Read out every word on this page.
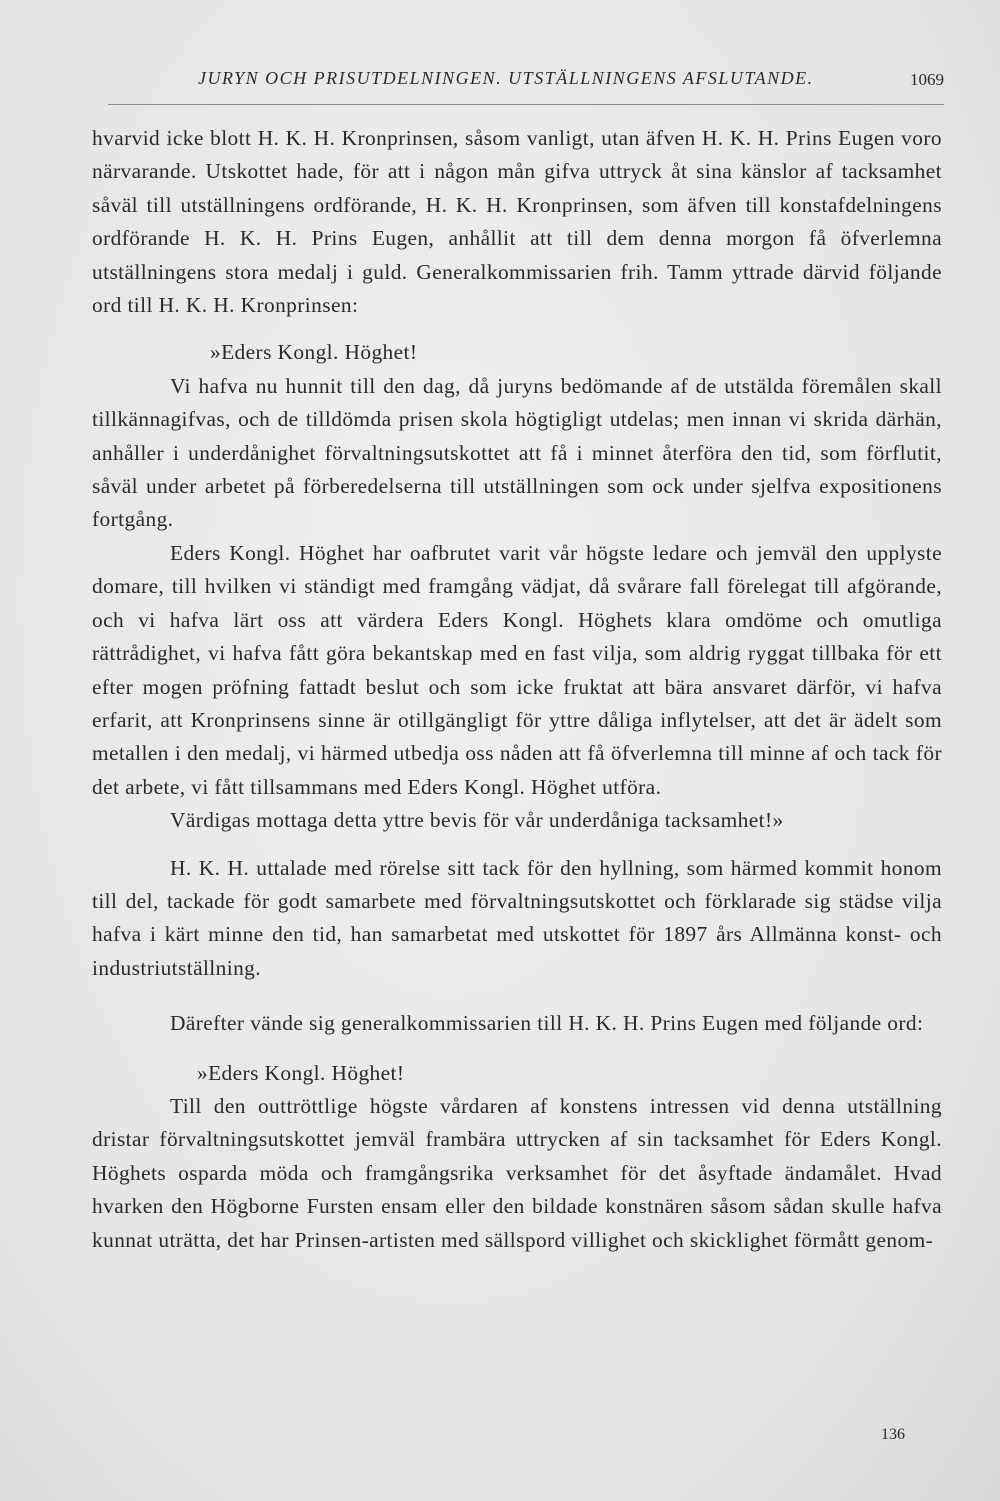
JURYN OCH PRISUTDELNINGEN. UTSTÄLLNINGENS AFSLUTANDE.	1069

hvarvid icke blott H. K. H. Kronprinsen, såsom vanligt, utan äfven H. K. H. Prins Eugen voro närvarande. Utskottet hade, för att i någon mån gifva uttryck åt sina känslor af tacksamhet såväl till utställningens ordförande, H. K. H. Kronprinsen, som äfven till konstafdelningens ordförande H. K. H. Prins Eugen, anhållit att till dem denna morgon få öfverlemna utställningens stora medalj i guld. Generalkommissarien frih. Tamm yttrade därvid följande ord till H. K. H. Kronprinsen:

»Eders Kongl. Höghet!

Vi hafva nu hunnit till den dag, då juryns bedömande af de utstälda föremålen skall tillkännagifvas, och de tilldömda prisen skola högtigligt utdelas; men innan vi skrida därhän, anhåller i underdånighet förvaltningsutskottet att få i minnet återföra den tid, som förflutit, såväl under arbetet på förberedelserna till utställningen som ock under sjelfva expositionens fortgång.

Eders Kongl. Höghet har oafbrutet varit vår högste ledare och jemväl den upplyste domare, till hvilken vi ständigt med framgång vädjat, då svårare fall förelegat till afgörande, och vi hafva lärt oss att värdera Eders Kongl. Höghets klara omdöme och omutliga rättrådighet, vi hafva fått göra bekantskap med en fast vilja, som aldrig ryggat tillbaka för ett efter mogen pröfning fattadt beslut och som icke fruktat att bära ansvaret därför, vi hafva erfarit, att Kronprinsens sinne är otillgängligt för yttre dåliga inflytelser, att det är ädelt som metallen i den medalj, vi härmed utbedja oss nåden att få öfverlemna till minne af och tack för det arbete, vi fått tillsammans med Eders Kongl. Höghet utföra.

Värdigas mottaga detta yttre bevis för vår underdåniga tacksamhet!»

H. K. H. uttalade med rörelse sitt tack för den hyllning, som härmed kommit honom till del, tackade för godt samarbete med förvaltningsutskottet och förklarade sig städse vilja hafva i kärt minne den tid, han samarbetat med utskottet för 1897 års Allmänna konst- och industriutställning.

Därefter vände sig generalkommissarien till H. K. H. Prins Eugen med följande ord:

»Eders Kongl. Höghet!

Till den outtröttlige högste vårdaren af konstens intressen vid denna utställning dristar förvaltningsutskottet jemväl frambära uttrycken af sin tacksamhet för Eders Kongl. Höghets osparda möda och framgångsrika verksamhet för det åsyftade ändamålet. Hvad hvarken den Högborne Fursten ensam eller den bildade konstnären såsom sådan skulle hafva kunnat uträtta, det har Prinsen-artisten med sällspord villighet och skicklighet förmått genom-

136
